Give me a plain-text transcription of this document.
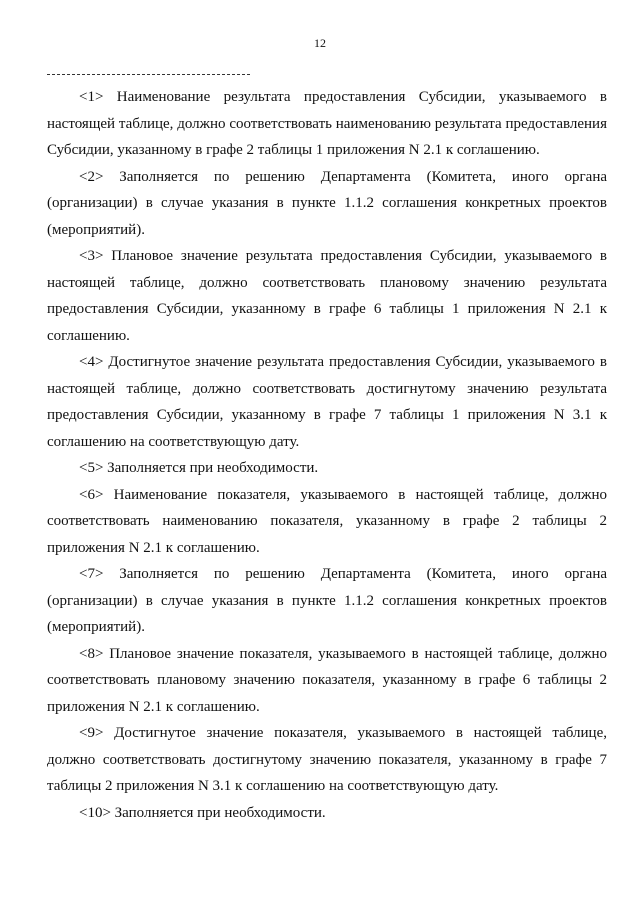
12

<1> Наименование результата предоставления Субсидии, указываемого в настоящей таблице, должно соответствовать наименованию результата предоставления Субсидии, указанному в графе 2 таблицы 1 приложения N 2.1 к соглашению.

<2> Заполняется по решению Департамента (Комитета, иного органа (организации) в случае указания в пункте 1.1.2 соглашения конкретных проектов (мероприятий).

<3> Плановое значение результата предоставления Субсидии, указываемого в настоящей таблице, должно соответствовать плановому значению результата предоставления Субсидии, указанному в графе 6 таблицы 1 приложения N 2.1 к соглашению.

<4> Достигнутое значение результата предоставления Субсидии, указываемого в настоящей таблице, должно соответствовать достигнутому значению результата предоставления Субсидии, указанному в графе 7 таблицы 1 приложения N 3.1 к соглашению на соответствующую дату.

<5> Заполняется при необходимости.

<6> Наименование показателя, указываемого в настоящей таблице, должно соответствовать наименованию показателя, указанному в графе 2 таблицы 2 приложения N 2.1 к соглашению.

<7> Заполняется по решению Департамента (Комитета, иного органа (организации) в случае указания в пункте 1.1.2 соглашения конкретных проектов (мероприятий).

<8> Плановое значение показателя, указываемого в настоящей таблице, должно соответствовать плановому значению показателя, указанному в графе 6 таблицы 2 приложения N 2.1 к соглашению.

<9> Достигнутое значение показателя, указываемого в настоящей таблице, должно соответствовать достигнутому значению показателя, указанному в графе 7 таблицы 2 приложения N 3.1 к соглашению на соответствующую дату.

<10> Заполняется при необходимости.
